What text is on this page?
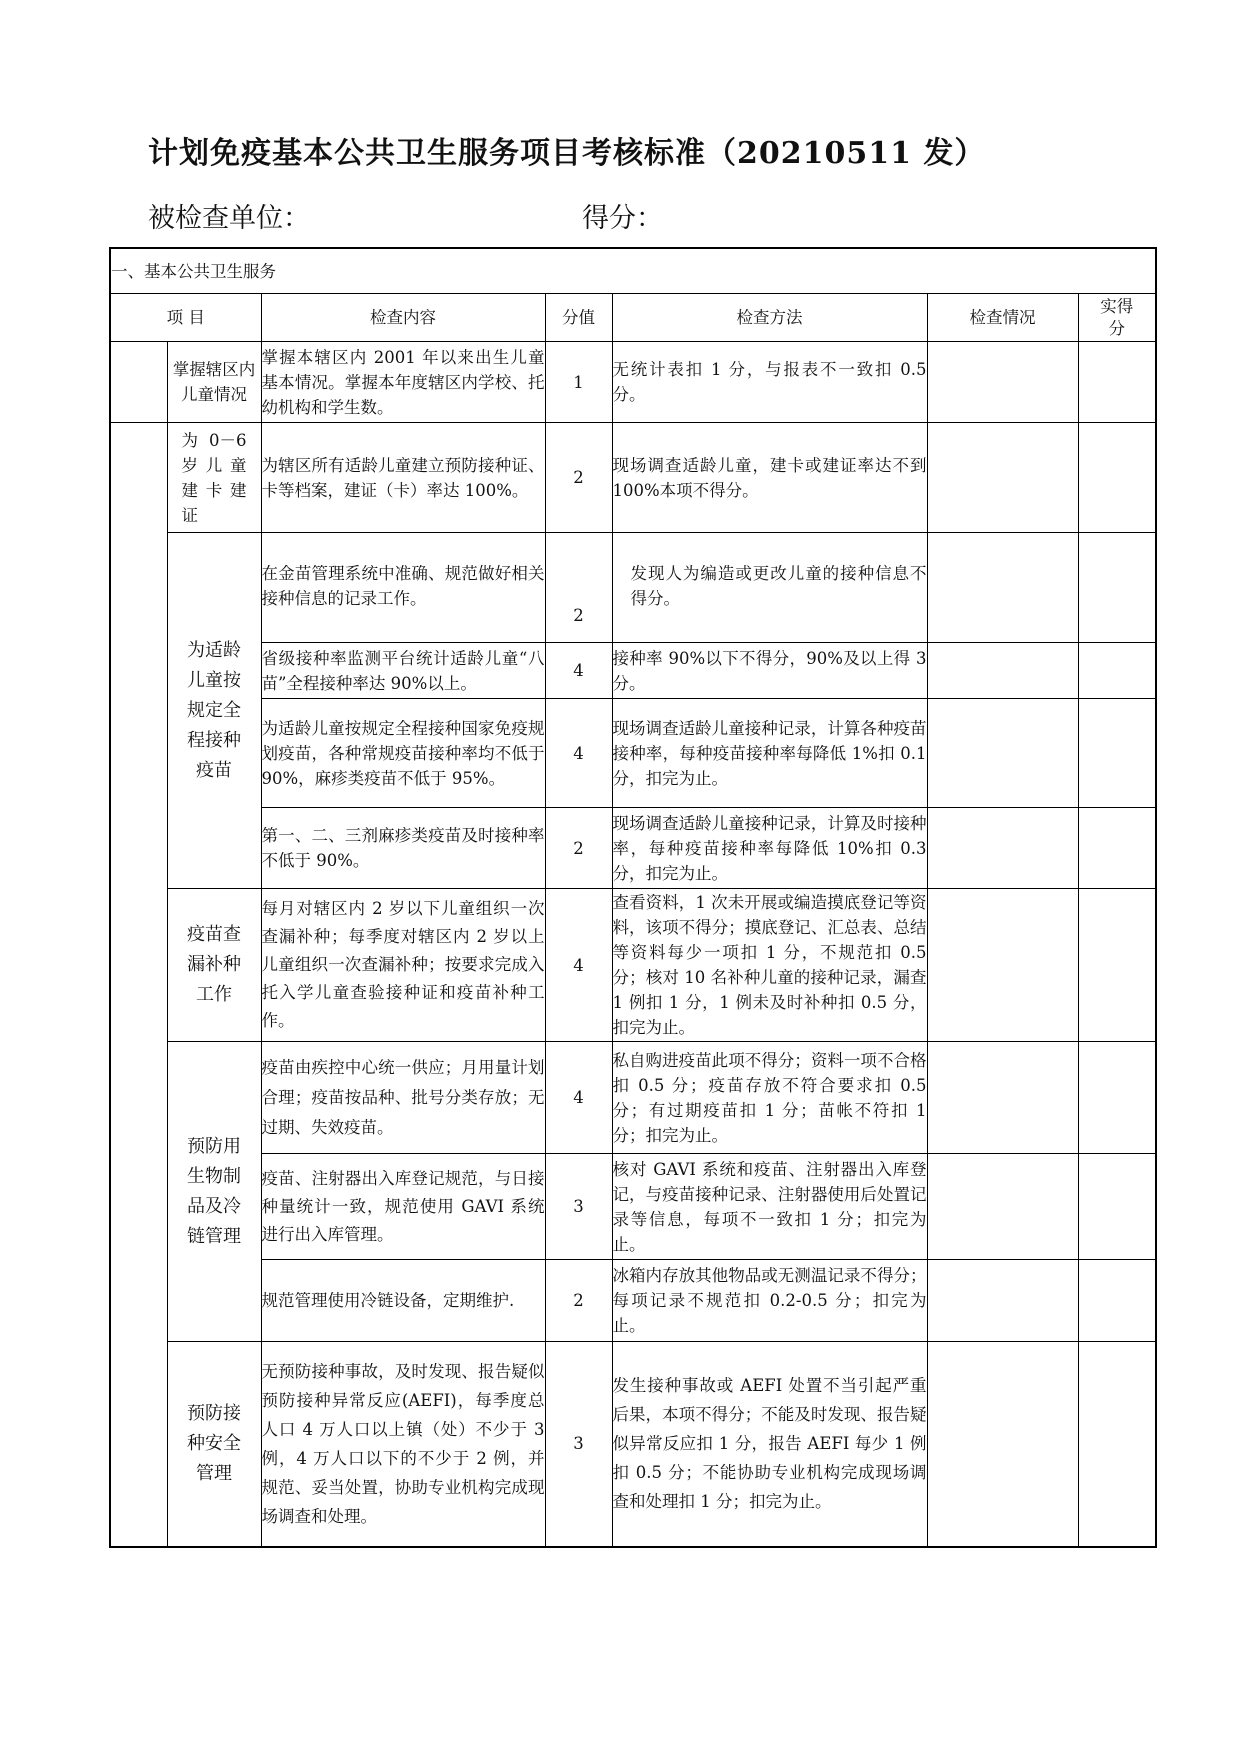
计划免疫基本公共卫生服务项目考核标准（20210511 发）
被检查单位：	得分：
一、基本公共卫生服务						
项 目		检查内容	分值	检查方法	检查情况	实得分
	掌握辖区内儿童情况	掌握本辖区内 2001 年以来出生儿童基本情况。掌握本年度辖区内学校、托幼机构和学生数。	1	无统计表扣 1 分，与报表不一致扣 0.5 分。		
	为 0－6 岁儿童建卡建证	为辖区所有适龄儿童建立预防接种证、卡等档案，建证（卡）率达 100%。	2	现场调查适龄儿童，建卡或建证率达不到 100%本项不得分。		
	为适龄儿童按规定全程接种疫苗	在金苗管理系统中准确、规范做好相关接种信息的记录工作。	2	发现人为编造或更改儿童的接种信息不得分。		
		省级接种率监测平台统计适龄儿童“八苗”全程接种率达 90%以上。	4	接种率 90%以下不得分，90%及以上得 3 分。		
		为适龄儿童按规定全程接种国家免疫规划疫苗，各种常规疫苗接种率均不低于 90%，麻疹类疫苗不低于 95%。	4	现场调查适龄儿童接种记录，计算各种疫苗接种率，每种疫苗接种率每降低 1%扣 0.1 分，扣完为止。		
		第一、二、三剂麻疹类疫苗及时接种率不低于 90%。	2	现场调查适龄儿童接种记录，计算及时接种率，每种疫苗接种率每降低 10%扣 0.3 分，扣完为止。		
	疫苗查漏补种工作	每月对辖区内 2 岁以下儿童组织一次查漏补种；每季度对辖区内 2 岁以上儿童组织一次查漏补种；按要求完成入托入学儿童查验接种证和疫苗补种工作。	4	查看资料，1 次未开展或编造摸底登记等资料，该项不得分；摸底登记、汇总表、总结等资料每少一项扣 1 分，不规范扣 0.5 分；核对 10 名补种儿童的接种记录，漏查 1 例扣 1 分，1 例未及时补种扣 0.5 分，扣完为止。		
	预防用生物制品及冷链管理	疫苗由疾控中心统一供应；月用量计划合理；疫苗按品种、批号分类存放；无过期、失效疫苗。	4	私自购进疫苗此项不得分；资料一项不合格扣 0.5 分；疫苗存放不符合要求扣 0.5 分；有过期疫苗扣 1 分；苗帐不符扣 1 分；扣完为止。		
		疫苗、注射器出入库登记规范，与日接种量统计一致，规范使用 GAVI 系统进行出入库管理。	3	核对 GAVI 系统和疫苗、注射器出入库登记，与疫苗接种记录、注射器使用后处置记录等信息，每项不一致扣 1 分；扣完为止。		
		规范管理使用冷链设备，定期维护.	2	冰箱内存放其他物品或无测温记录不得分；每项记录不规范扣 0.2-0.5 分；扣完为止。		
	预防接种安全管理	无预防接种事故，及时发现、报告疑似预防接种异常反应(AEFI)，每季度总人口 4 万人口以上镇（处）不少于 3 例，4 万人口以下的不少于 2 例，并规范、妥当处置，协助专业机构完成现场调查和处理。	3	发生接种事故或 AEFI 处置不当引起严重后果，本项不得分；不能及时发现、报告疑似异常反应扣 1 分，报告 AEFI 每少 1 例扣 0.5 分；不能协助专业机构完成现场调查和处理扣 1 分；扣完为止。		
